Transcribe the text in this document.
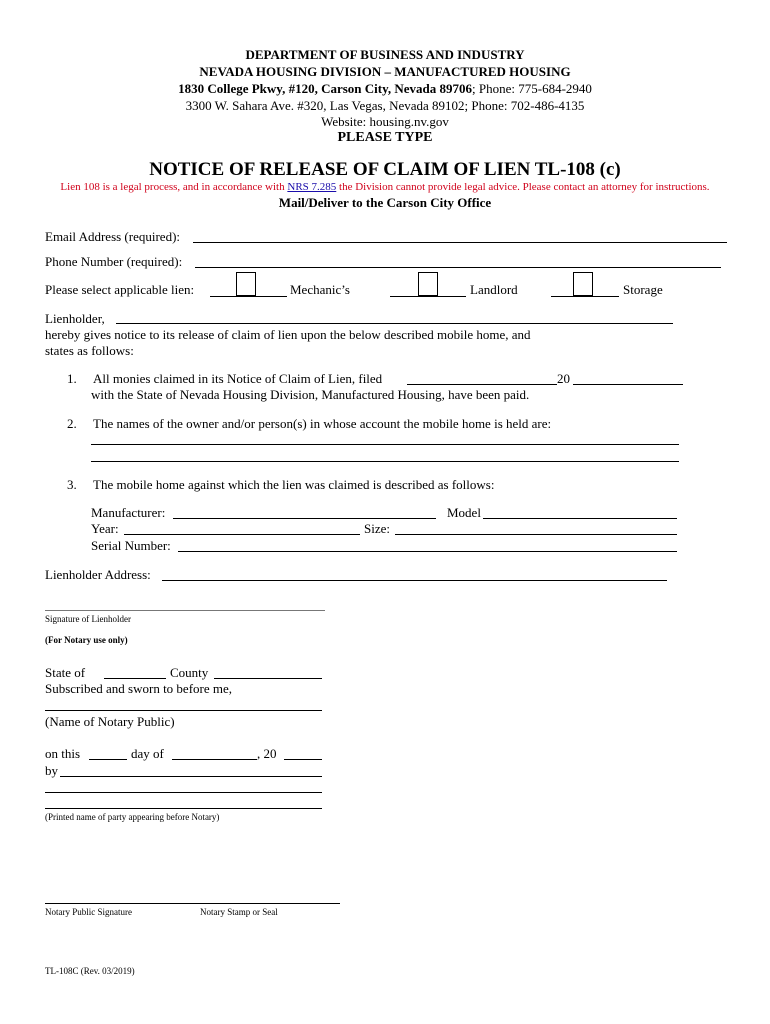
DEPARTMENT OF BUSINESS AND INDUSTRY
NEVADA HOUSING DIVISION – MANUFACTURED HOUSING
1830 College Pkwy, #120, Carson City, Nevada 89706; Phone: 775-684-2940
3300 W. Sahara Ave. #320, Las Vegas, Nevada 89102; Phone: 702-486-4135
Website: housing.nv.gov
PLEASE TYPE
NOTICE OF RELEASE OF CLAIM OF LIEN TL-108 (c)
Lien 108 is a legal process, and in accordance with NRS 7.285 the Division cannot provide legal advice. Please contact an attorney for instructions.
Mail/Deliver to the Carson City Office
Email Address (required):
Phone Number (required):
Please select applicable lien:	Mechanic’s	Landlord	Storage
Lienholder,
hereby gives notice to its release of claim of lien upon the below described mobile home, and
states as follows:
1. All monies claimed in its Notice of Claim of Lien, filed	20
with the State of Nevada Housing Division, Manufactured Housing, have been paid.
2. The names of the owner and/or person(s) in whose account the mobile home is held are:
3. The mobile home against which the lien was claimed is described as follows:
Manufacturer:	Model
Year:	Size:
Serial Number:
Lienholder Address:
Signature of Lienholder
(For Notary use only)
State of	County
Subscribed and sworn to before me,
(Name of Notary Public)
on this	day of	, 20
by
(Printed name of party appearing before Notary)
Notary Public Signature	Notary Stamp or Seal
TL-108C (Rev. 03/2019)
